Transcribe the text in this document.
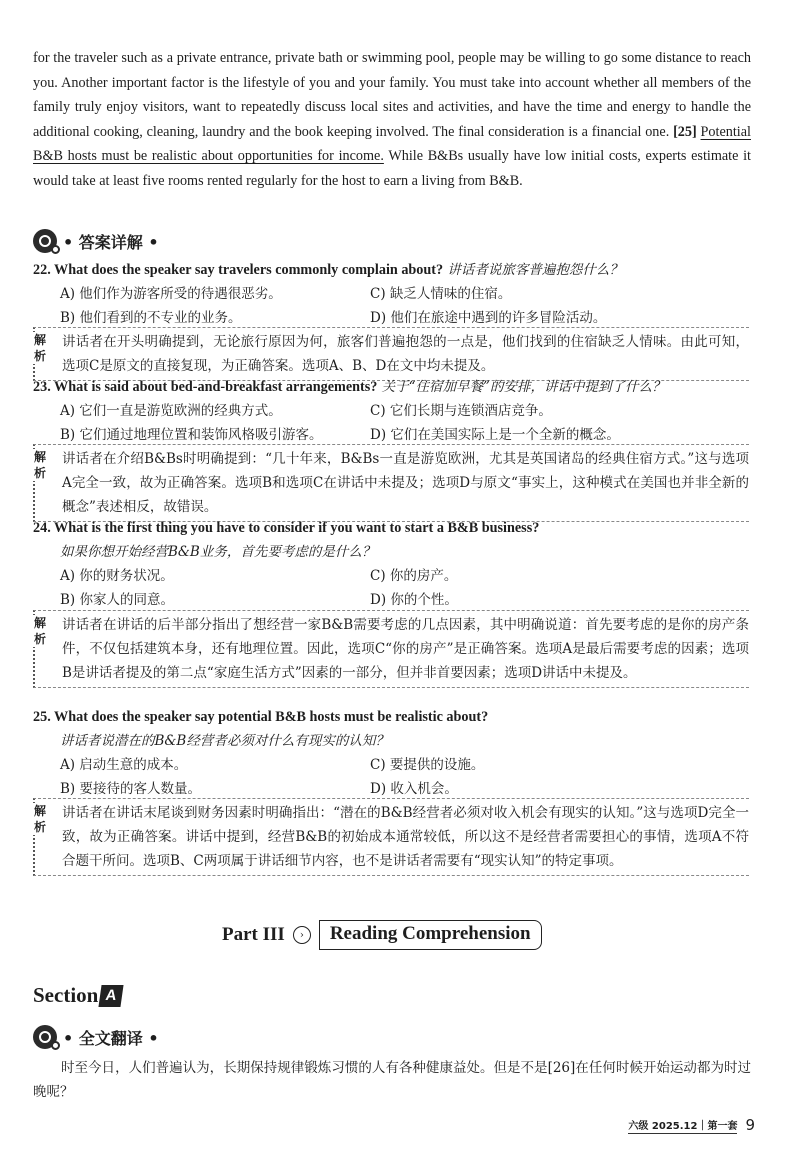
for the traveler such as a private entrance, private bath or swimming pool, people may be willing to go some distance to reach you. Another important factor is the lifestyle of you and your family. You must take into account whether all members of the family truly enjoy visitors, want to repeatedly discuss local sites and activities, and have the time and energy to handle the additional cooking, cleaning, laundry and the book keeping involved. The final consideration is a financial one. [25] Potential B&B hosts must be realistic about opportunities for income. While B&Bs usually have low initial costs, experts estimate it would take at least five rooms rented regularly for the host to earn a living from B&B.

• 答案详解 •
22. What does the speaker say travelers commonly complain about? 讲话者说旅客普遍抱怨什么？
A) 他们作为游客所受的待遇很恶劣。	C) 缺乏人情味的住宿。
B) 他们看到的不专业的业务。	D) 他们在旅途中遇到的许多冒险活动。
解析

讲话者在开头明确提到，无论旅行原因为何，旅客们普遍抱怨的一点是，他们找到的住宿缺乏人情味。由此可知，选项C是原文的直接复现，为正确答案。选项A、B、D在文中均未提及。

23. What is said about bed-and-breakfast arrangements? 关于“住宿加早餐”的安排，讲话中提到了什么？
A) 它们一直是游览欧洲的经典方式。	C) 它们长期与连锁酒店竞争。
B) 它们通过地理位置和装饰风格吸引游客。	D) 它们在美国实际上是一个全新的概念。
解析

讲话者在介绍B&Bs时明确提到：“几十年来，B&Bs一直是游览欧洲，尤其是英国诸岛的经典住宿方式。”这与选项A完全一致，故为正确答案。选项B和选项C在讲话中未提及；选项D与原文“事实上，这种模式在美国也并非全新的概念”表述相反，故错误。

24. What is the first thing you have to consider if you want to start a B&B business?
如果你想开始经营B&B业务，首先要考虑的是什么？
A) 你的财务状况。	C) 你的房产。
B) 你家人的同意。	D) 你的个性。
解析

讲话者在讲话的后半部分指出了想经营一家B&B需要考虑的几点因素，其中明确说道：首先要考虑的是你的房产条件，不仅包括建筑本身，还有地理位置。因此，选项C“你的房产”是正确答案。选项A是最后需要考虑的因素；选项B是讲话者提及的第二点“家庭生活方式”因素的一部分，但并非首要因素；选项D讲话中未提及。

25. What does the speaker say potential B&B hosts must be realistic about?
讲话者说潜在的B&B经营者必须对什么有现实的认知？
A) 启动生意的成本。	C) 要提供的设施。
B) 要接待的客人数量。	D) 收入机会。
解析

讲话者在讲话末尾谈到财务因素时明确指出：“潜在的B&B经营者必须对收入机会有现实的认知。”这与选项D完全一致，故为正确答案。讲话中提到，经营B&B的初始成本通常较低，所以这不是经营者需要担心的事情，选项A不符合题干所问。选项B、C两项属于讲话细节内容，也不是讲话者需要有“现实认知”的特定事项。

Part III	›	Reading Comprehension
Section A
• 全文翻译 •

时至今日，人们普遍认为，长期保持规律锻炼习惯的人有各种健康益处。但是不是[26]在任何时候开始运动都为时过晚呢？

六级 2025.12｜第一套 9
